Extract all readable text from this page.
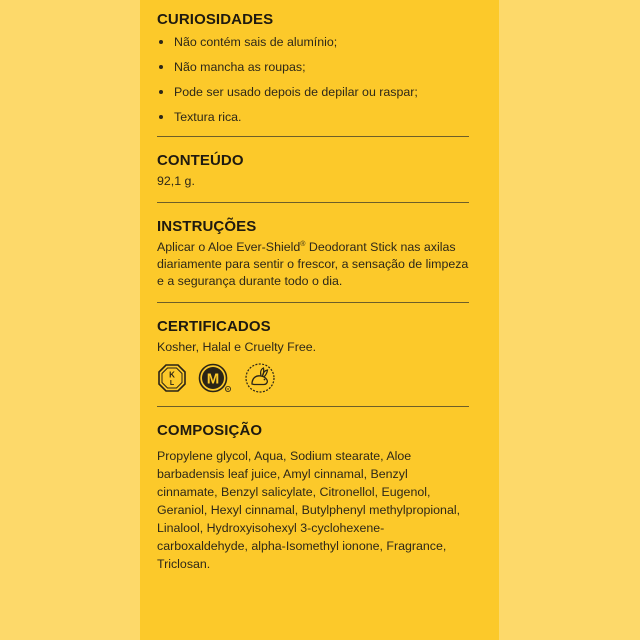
CURIOSIDADES
Não contém sais de alumínio;
Não mancha as roupas;
Pode ser usado depois de depilar ou raspar;
Textura rica.
CONTEÚDO
92,1 g.
INSTRUÇÕES
Aplicar o Aloe Ever-Shield® Deodorant Stick nas axilas diariamente para sentir o frescor, a sensação de limpeza e a segurança durante todo o dia.
CERTIFICADOS
Kosher, Halal e Cruelty Free.
K
L M
R
COMPOSIÇÃO
Propylene glycol, Aqua, Sodium stearate, Aloe barbadensis leaf juice, Amyl cinnamal, Benzyl cinnamate, Benzyl salicylate, Citronellol, Eugenol, Geraniol, Hexyl cinnamal, Butylphenyl methylpropional, Linalool, Hydroxyisohexyl 3-cyclohexene-carboxaldehyde, alpha-Isomethyl ionone, Fragrance, Triclosan.
